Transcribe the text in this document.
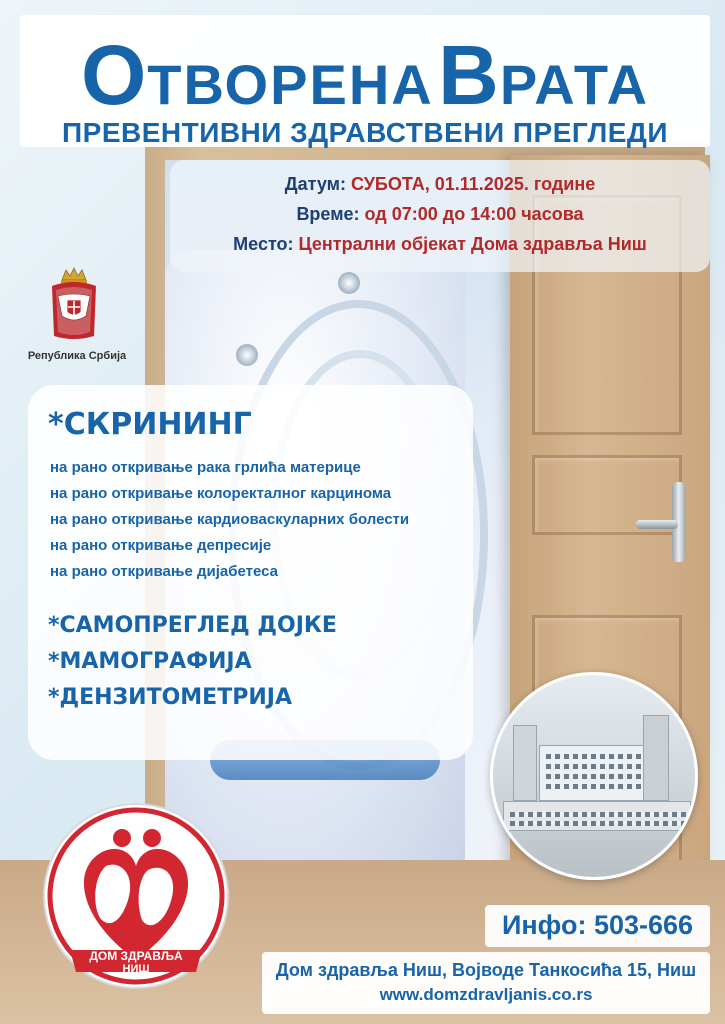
ОТВОРЕНА ВРАТА
ПРЕВЕНТИВНИ ЗДРАВСТВЕНИ ПРЕГЛЕДИ
Датум: СУБОТА, 01.11.2025. године
Време: од 07:00 до 14:00 часова
Место: Централни објекат Дома здравља Ниш
Република Србија
*СКРИНИНГ
на рано откривање рака грлића материце
на рано откривање колоректалног карцинома
на рано откривање кардиоваскуларних болести
на рано откривање депресије
на рано откривање дијабетеса
*САМОПРЕГЛЕД ДОЈКЕ
*МАМОГРАФИЈА
*ДЕНЗИТОМЕТРИЈА
ДОМ ЗДРАВЉА
НИШ
Инфо: 503-666
Дом здравља Ниш, Војводе Танкосића 15, Ниш
www.domzdravljanis.co.rs
